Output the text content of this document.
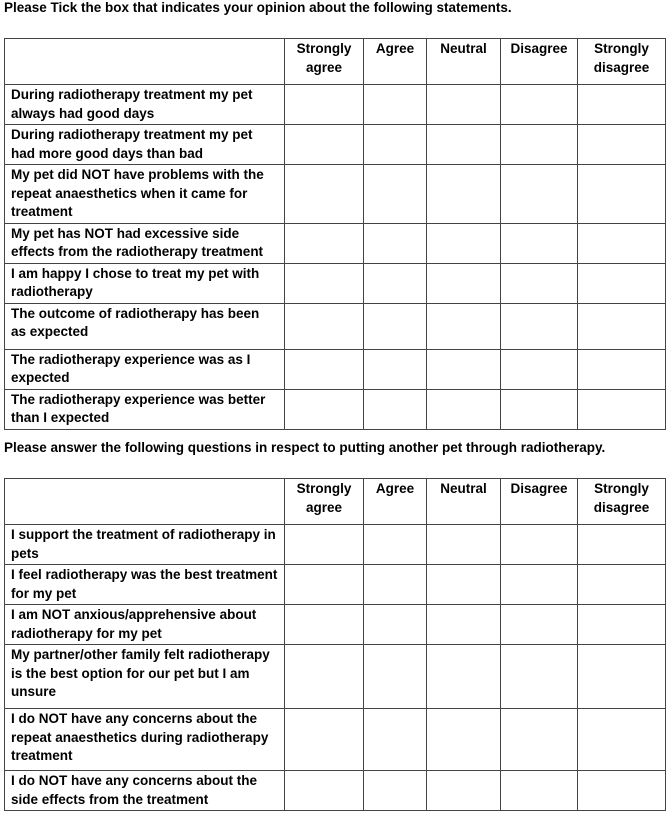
Please Tick the box that indicates your opinion about the following statements.

	Strongly agree	Agree	Neutral	Disagree	Strongly disagree
During radiotherapy treatment my pet always had good days					
During radiotherapy treatment my pet had more good days than bad					
My pet did NOT have problems with the repeat anaesthetics when it came for treatment					
My pet has NOT had excessive side effects from the radiotherapy treatment					
I am happy I chose to treat my pet with radiotherapy					
The outcome of radiotherapy has been as expected					
The radiotherapy experience was as I expected					
The radiotherapy experience was better than I expected					

Please answer the following questions in respect to putting another pet through radiotherapy.

	Strongly agree	Agree	Neutral	Disagree	Strongly disagree
I support the treatment of radiotherapy in pets					
I feel radiotherapy was the best treatment for my pet					
I am NOT anxious/apprehensive about radiotherapy for my pet					
My partner/other family felt radiotherapy is the best option for our pet but I am unsure					
I do NOT have any concerns about the repeat anaesthetics during radiotherapy treatment					
I do NOT have any concerns about the side effects from the treatment					
